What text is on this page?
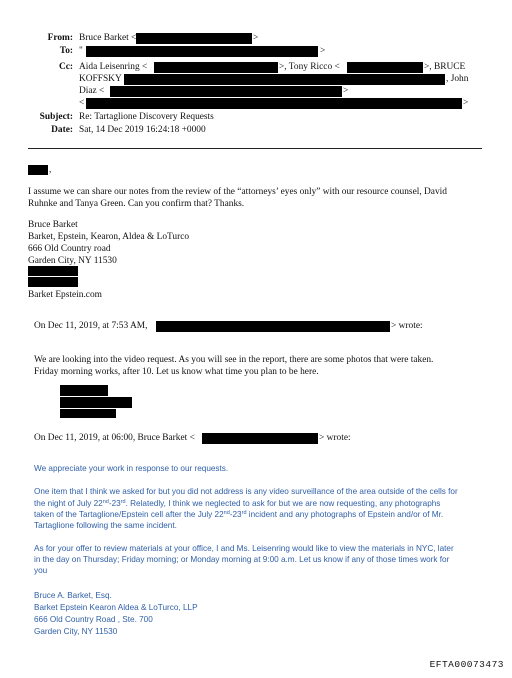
From: Bruce Barket <	>
To: "	>
Cc: Aida Leisenring <	>, Tony Ricco <	>, BRUCE
KOFFSKY	, John
Diaz <	>
<	>
Subject: Re: Tartaglione Discovery Requests
Date: Sat, 14 Dec 2019 16:24:18 +0000
,
I assume we can share our notes from the review of the “attorneys’ eyes only” with our resource counsel, David
Ruhnke and Tanya Green. Can you confirm that? Thanks.
Bruce Barket
Barket, Epstein, Kearon, Aldea & LoTurco
666 Old Country road
Garden City, NY 11530
Barket Epstein.com
On Dec 11, 2019, at 7:53 AM,	> wrote:
We are looking into the video request. As you will see in the report, there are some photos that were taken.
Friday morning works, after 10. Let us know what time you plan to be here.
On Dec 11, 2019, at 06:00, Bruce Barket <	> wrote:
We appreciate your work in response to our requests.
One item that I think we asked for but you did not address is any video surveillance of the area outside of the cells for
the night of July 22nd-23rd. Relatedly, I think we neglected to ask for but we are now requesting, any photographs
taken of the Tartaglione/Epstein cell after the July 22nd-23rd incident and any photographs of Epstein and/or of Mr.
Tartaglione following the same incident.
As for your offer to review materials at your office, I and Ms. Leisenring would like to view the materials in NYC, later
in the day on Thursday; Friday morning; or Monday morning at 9:00 a.m. Let us know if any of those times work for
you
Bruce A. Barket, Esq.
Barket Epstein Kearon Aldea & LoTurco, LLP
666 Old Country Road , Ste. 700
Garden City, NY 11530
EFTA00073473
